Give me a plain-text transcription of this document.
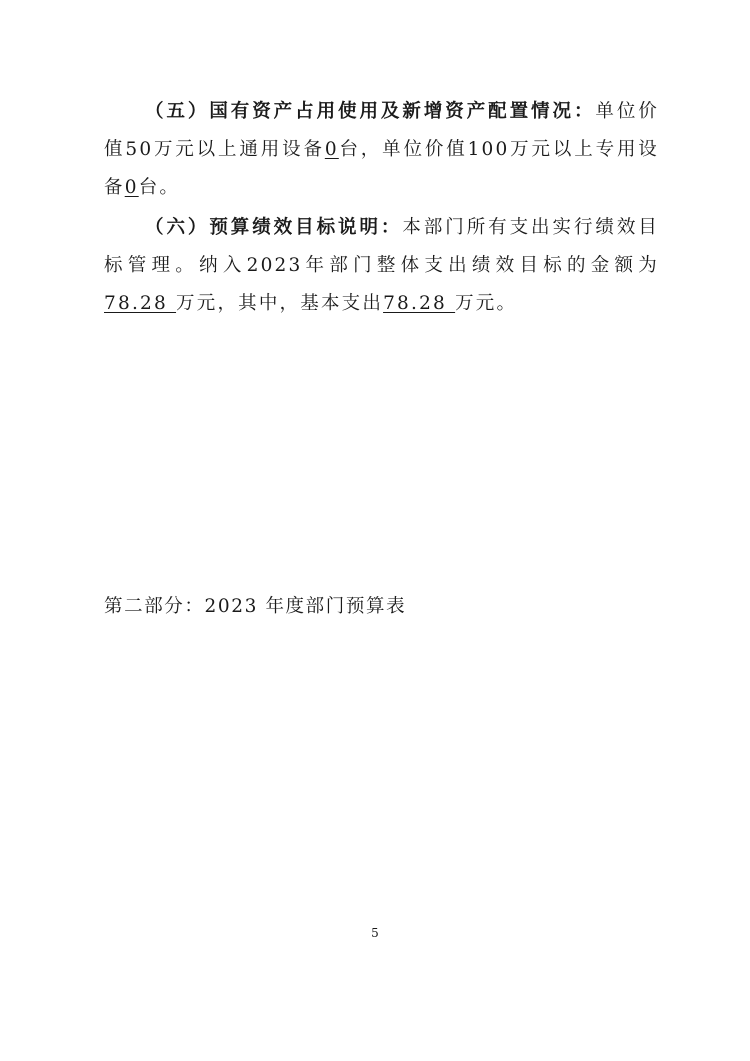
（五）国有资产占用使用及新增资产配置情况：单位价值50万元以上通用设备0台，单位价值100万元以上专用设备0台。

（六）预算绩效目标说明：本部门所有支出实行绩效目标管理。纳入2023年部门整体支出绩效目标的金额为 78.28 万元，其中，基本支出78.28 万元。

第二部分：2023 年度部门预算表

5
